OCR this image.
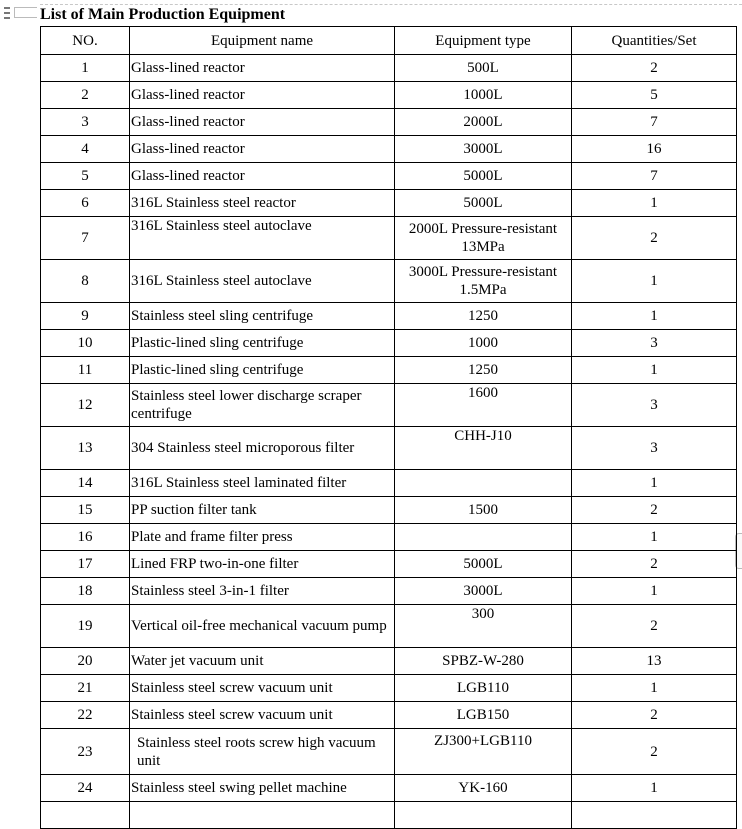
List of Main Production Equipment
NO.	Equipment name	Equipment type	Quantities/Set
1	Glass-lined reactor	500L	2
2	Glass-lined reactor	1000L	5
3	Glass-lined reactor	2000L	7
4	Glass-lined reactor	3000L	16
5	Glass-lined reactor	5000L	7
6	316L Stainless steel reactor	5000L	1
7	316L Stainless steel autoclave	2000L Pressure-resistant 13MPa	2
8	316L Stainless steel autoclave	3000L Pressure-resistant 1.5MPa	1
9	Stainless steel sling centrifuge	1250	1
10	Plastic-lined sling centrifuge	1000	3
11	Plastic-lined sling centrifuge	1250	1
12	Stainless steel lower discharge scraper centrifuge	1600	3
13	304 Stainless steel microporous filter	CHH-J10	3
14	316L Stainless steel laminated filter		1
15	PP suction filter tank	1500	2
16	Plate and frame filter press		1
17	Lined FRP two-in-one filter	5000L	2
18	Stainless steel 3-in-1 filter	3000L	1
19	Vertical oil-free mechanical vacuum pump	300	2
20	Water jet vacuum unit	SPBZ-W-280	13
21	Stainless steel screw vacuum unit	LGB110	1
22	Stainless steel screw vacuum unit	LGB150	2
23	Stainless steel roots screw high vacuum unit	ZJ300+LGB110	2
24	Stainless steel swing pellet machine	YK-160	1
